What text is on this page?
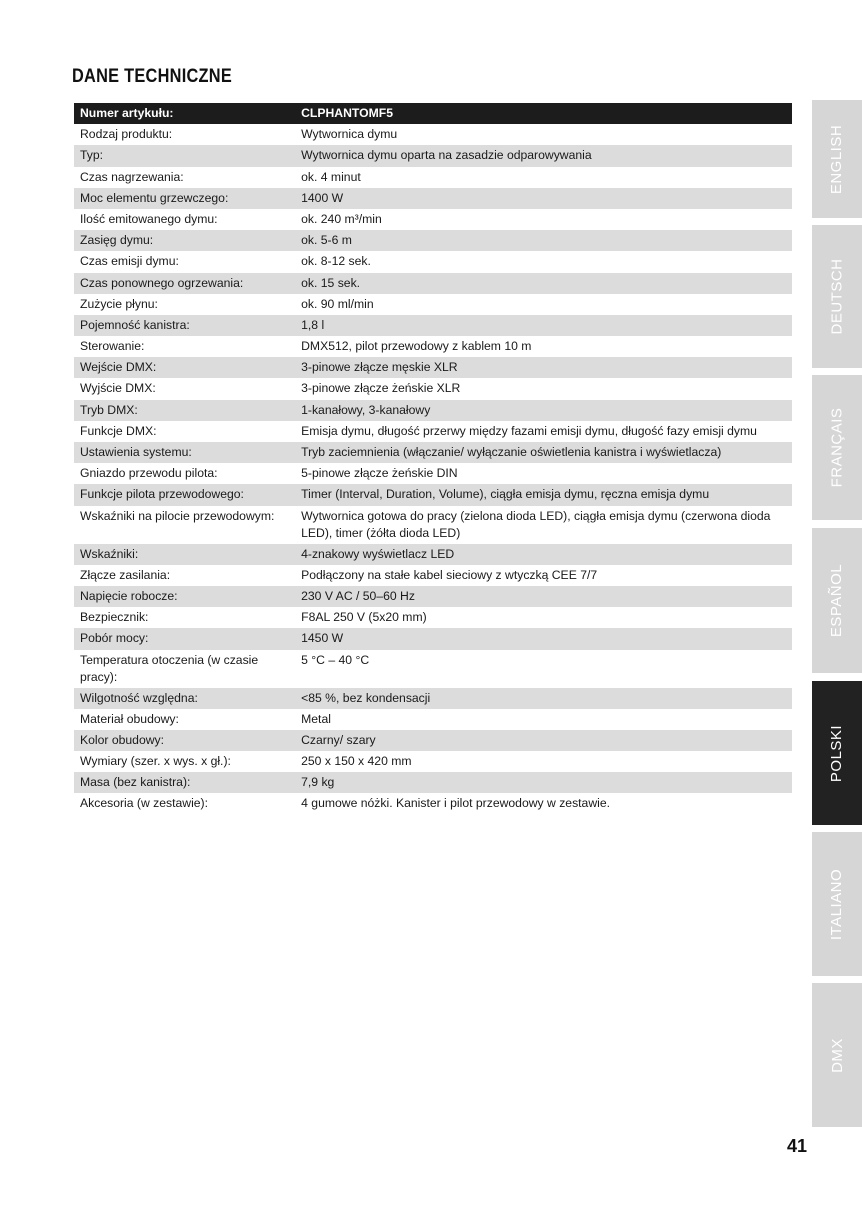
DANE TECHNICZNE
Numer artykułu:	CLPHANTOMF5
Rodzaj produktu:	Wytwornica dymu
Typ:	Wytwornica dymu oparta na zasadzie odparowywania
Czas nagrzewania:	ok. 4 minut
Moc elementu grzewczego:	1400 W
Ilość emitowanego dymu:	ok. 240 m³/min
Zasięg dymu:	ok. 5-6 m
Czas emisji dymu:	ok. 8-12 sek.
Czas ponownego ogrzewania:	ok. 15 sek.
Zużycie płynu:	ok. 90 ml/min
Pojemność kanistra:	1,8 l
Sterowanie:	DMX512, pilot przewodowy z kablem 10 m
Wejście DMX:	3-pinowe złącze męskie XLR
Wyjście DMX:	3-pinowe złącze żeńskie XLR
Tryb DMX:	1-kanałowy, 3-kanałowy
Funkcje DMX:	Emisja dymu, długość przerwy między fazami emisji dymu, długość fazy emisji dymu
Ustawienia systemu:	Tryb zaciemnienia (włączanie/ wyłączanie oświetlenia kanistra i wyświetlacza)
Gniazdo przewodu pilota:	5-pinowe złącze żeńskie DIN
Funkcje pilota przewodowego:	Timer (Interval, Duration, Volume), ciągła emisja dymu, ręczna emisja dymu
Wskaźniki na pilocie przewodowym:	Wytwornica gotowa do pracy (zielona dioda LED), ciągła emisja dymu (czerwona dioda LED), timer (żółta dioda LED)
Wskaźniki:	4-znakowy wyświetlacz LED
Złącze zasilania:	Podłączony na stałe kabel sieciowy z wtyczką CEE 7/7
Napięcie robocze:	230 V AC / 50–60 Hz
Bezpiecznik:	F8AL 250 V (5x20 mm)
Pobór mocy:	1450 W
Temperatura otoczenia (w czasie pracy):	5 °C – 40 °C
Wilgotność względna:	<85 %, bez kondensacji
Materiał obudowy:	Metal
Kolor obudowy:	Czarny/ szary
Wymiary (szer. x wys. x gł.):	250 x 150 x 420 mm
Masa (bez kanistra):	7,9 kg
Akcesoria (w zestawie):	4 gumowe nóżki. Kanister i pilot przewodowy w zestawie.
ENGLISH
DEUTSCH
FRANÇAIS
ESPAÑOL
POLSKI
ITALIANO
DMX
41
